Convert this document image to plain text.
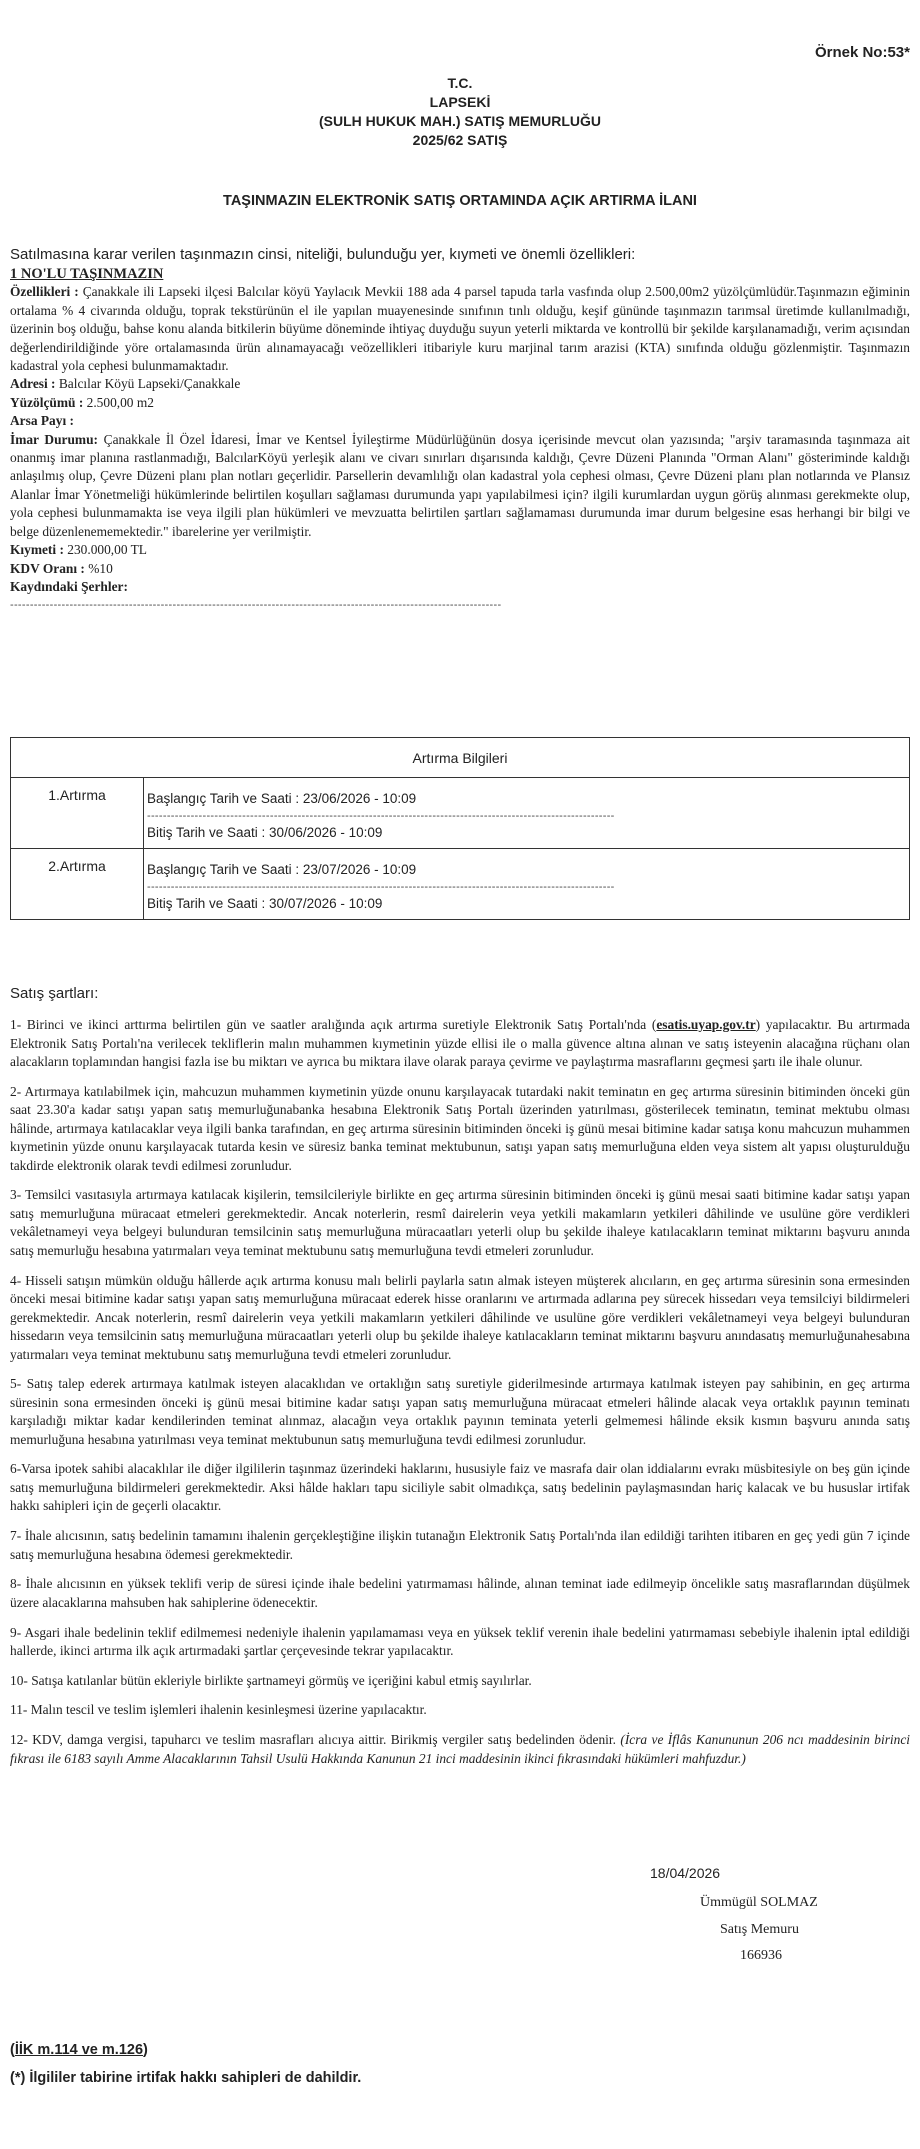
Örnek No:53*
T.C.
LAPSEKİ
(SULH HUKUK MAH.) SATIŞ MEMURLUĞU
2025/62 SATIŞ
TAŞINMAZIN ELEKTRONİK SATIŞ ORTAMINDA AÇIK ARTIRMA İLANI
Satılmasına karar verilen taşınmazın cinsi, niteliği, bulunduğu yer, kıymeti ve önemli özellikleri:

1 NO'LU TAŞINMAZIN

Özellikleri : Çanakkale ili Lapseki ilçesi Balcılar köyü Yaylacık Mevkii 188 ada 4 parsel tapuda tarla vasfında olup 2.500,00m2 yüzölçümlüdür.Taşınmazın eğiminin ortalama % 4 civarında olduğu, toprak tekstürünün el ile yapılan muayenesinde sınıfının tınlı olduğu, keşif gününde taşınmazın tarımsal üretimde kullanılmadığı, üzerinin boş olduğu, bahse konu alanda bitkilerin büyüme döneminde ihtiyaç duyduğu suyun yeterli miktarda ve kontrollü bir şekilde karşılanamadığı, verim açısından değerlendirildiğinde yöre ortalamasında ürün alınamayacağı veözellikleri itibariyle kuru marjinal tarım arazisi (KTA) sınıfında olduğu gözlenmiştir. Taşınmazın kadastral yola cephesi bulunmamaktadır.

Adresi : Balcılar Köyü Lapseki/Çanakkale

Yüzölçümü : 2.500,00 m2

Arsa Payı :

İmar Durumu: Çanakkale İl Özel İdaresi, İmar ve Kentsel İyileştirme Müdürlüğünün dosya içerisinde mevcut olan yazısında; "arşiv taramasında taşınmaza ait onanmış imar planına rastlanmadığı, BalcılarKöyü yerleşik alanı ve civarı sınırları dışarısında kaldığı, Çevre Düzeni Planında "Orman Alanı" gösteriminde kaldığı anlaşılmış olup, Çevre Düzeni planı plan notları geçerlidir. Parsellerin devamlılığı olan kadastral yola cephesi olması, Çevre Düzeni planı plan notlarında ve Plansız Alanlar İmar Yönetmeliği hükümlerinde belirtilen koşulları sağlaması durumunda yapı yapılabilmesi için? ilgili kurumlardan uygun görüş alınması gerekmekte olup, yola cephesi bulunmamakta ise veya ilgili plan hükümleri ve mevzuatta belirtilen şartları sağlamaması durumunda imar durum belgesine esas herhangi bir bilgi ve belge düzenlenememektedir." ibarelerine yer verilmiştir.

Kıymeti : 230.000,00 TL

KDV Oranı : %10

Kaydındaki Şerhler:

----------------------------------------------------------------------------------------------------------------------------
Artırma Bilgileri	
1.Artırma	Başlangıç Tarih ve Saati : 23/06/2026 - 10:09
----------------------------------------------------------------------------------------------------------------------
Bitiş Tarih ve Saati : 30/06/2026 - 10:09

2.Artırma	Başlangıç Tarih ve Saati : 23/07/2026 - 10:09
----------------------------------------------------------------------------------------------------------------------
Bitiş Tarih ve Saati : 30/07/2026 - 10:09
Satış şartları:

1- Birinci ve ikinci arttırma belirtilen gün ve saatler aralığında açık artırma suretiyle Elektronik Satış Portalı'nda (esatis.uyap.gov.tr) yapılacaktır. Bu artırmada Elektronik Satış Portalı'na verilecek tekliflerin malın muhammen kıymetinin yüzde ellisi ile o malla güvence altına alınan ve satış isteyenin alacağına rüçhanı olan alacakların toplamından hangisi fazla ise bu miktarı ve ayrıca bu miktara ilave olarak paraya çevirme ve paylaştırma masraflarını geçmesi şartı ile ihale olunur.

2- Artırmaya katılabilmek için, mahcuzun muhammen kıymetinin yüzde onunu karşılayacak tutardaki nakit teminatın en geç artırma süresinin bitiminden önceki gün saat 23.30'a kadar satışı yapan satış memurluğunabanka hesabına Elektronik Satış Portalı üzerinden yatırılması, gösterilecek teminatın, teminat mektubu olması hâlinde, artırmaya katılacaklar veya ilgili banka tarafından, en geç artırma süresinin bitiminden önceki iş günü mesai bitimine kadar satışa konu mahcuzun muhammen kıymetinin yüzde onunu karşılayacak tutarda kesin ve süresiz banka teminat mektubunun, satışı yapan satış memurluğuna elden veya sistem alt yapısı oluşturulduğu takdirde elektronik olarak tevdi edilmesi zorunludur.

3- Temsilci vasıtasıyla artırmaya katılacak kişilerin, temsilcileriyle birlikte en geç artırma süresinin bitiminden önceki iş günü mesai saati bitimine kadar satışı yapan satış memurluğuna müracaat etmeleri gerekmektedir. Ancak noterlerin, resmî dairelerin veya yetkili makamların yetkileri dâhilinde ve usulüne göre verdikleri vekâletnameyi veya belgeyi bulunduran temsilcinin satış memurluğuna müracaatları yeterli olup bu şekilde ihaleye katılacakların teminat miktarını başvuru anında satış memurluğu hesabına yatırmaları veya teminat mektubunu satış memurluğuna tevdi etmeleri zorunludur.

4- Hisseli satışın mümkün olduğu hâllerde açık artırma konusu malı belirli paylarla satın almak isteyen müşterek alıcıların, en geç artırma süresinin sona ermesinden önceki mesai bitimine kadar satışı yapan satış memurluğuna müracaat ederek hisse oranlarını ve artırmada adlarına pey sürecek hissedarı veya temsilciyi bildirmeleri gerekmektedir. Ancak noterlerin, resmî dairelerin veya yetkili makamların yetkileri dâhilinde ve usulüne göre verdikleri vekâletnameyi veya belgeyi bulunduran hissedarın veya temsilcinin satış memurluğuna müracaatları yeterli olup bu şekilde ihaleye katılacakların teminat miktarını başvuru anındasatış memurluğunahesabına yatırmaları veya teminat mektubunu satış memurluğuna tevdi etmeleri zorunludur.

5- Satış talep ederek artırmaya katılmak isteyen alacaklıdan ve ortaklığın satış suretiyle giderilmesinde artırmaya katılmak isteyen pay sahibinin, en geç artırma süresinin sona ermesinden önceki iş günü mesai bitimine kadar satışı yapan satış memurluğuna müracaat etmeleri hâlinde alacak veya ortaklık payının teminatı karşıladığı miktar kadar kendilerinden teminat alınmaz, alacağın veya ortaklık payının teminata yeterli gelmemesi hâlinde eksik kısmın başvuru anında satış memurluğuna hesabına yatırılması veya teminat mektubunun satış memurluğuna tevdi edilmesi zorunludur.

6-Varsa ipotek sahibi alacaklılar ile diğer ilgililerin taşınmaz üzerindeki haklarını, hususiyle faiz ve masrafa dair olan iddialarını evrakı müsbitesiyle on beş gün içinde satış memurluğuna bildirmeleri gerekmektedir. Aksi hâlde hakları tapu siciliyle sabit olmadıkça, satış bedelinin paylaşmasından hariç kalacak ve bu hususlar irtifak hakkı sahipleri için de geçerli olacaktır.

7- İhale alıcısının, satış bedelinin tamamını ihalenin gerçekleştiğine ilişkin tutanağın Elektronik Satış Portalı'nda ilan edildiği tarihten itibaren en geç yedi gün 7 içinde satış memurluğuna hesabına ödemesi gerekmektedir.

8- İhale alıcısının en yüksek teklifi verip de süresi içinde ihale bedelini yatırmaması hâlinde, alınan teminat iade edilmeyip öncelikle satış masraflarından düşülmek üzere alacaklarına mahsuben hak sahiplerine ödenecektir.

9- Asgari ihale bedelinin teklif edilmemesi nedeniyle ihalenin yapılamaması veya en yüksek teklif verenin ihale bedelini yatırmaması sebebiyle ihalenin iptal edildiği hallerde, ikinci artırma ilk açık artırmadaki şartlar çerçevesinde tekrar yapılacaktır.

10- Satışa katılanlar bütün ekleriyle birlikte şartnameyi görmüş ve içeriğini kabul etmiş sayılırlar.

11- Malın tescil ve teslim işlemleri ihalenin kesinleşmesi üzerine yapılacaktır.

12- KDV, damga vergisi, tapuharcı ve teslim masrafları alıcıya aittir. Birikmiş vergiler satış bedelinden ödenir. (İcra ve İflâs Kanununun 206 ncı maddesinin birinci fıkrası ile 6183 sayılı Amme Alacaklarının Tahsil Usulü Hakkında Kanunun 21 inci maddesinin ikinci fıkrasındaki hükümleri mahfuzdur.)

18/04/2026
Ümmügül SOLMAZ
Satış Memuru
166936
(İİK m.114 ve m.126)
(*) İlgililer tabirine irtifak hakkı sahipleri de dahildir.
